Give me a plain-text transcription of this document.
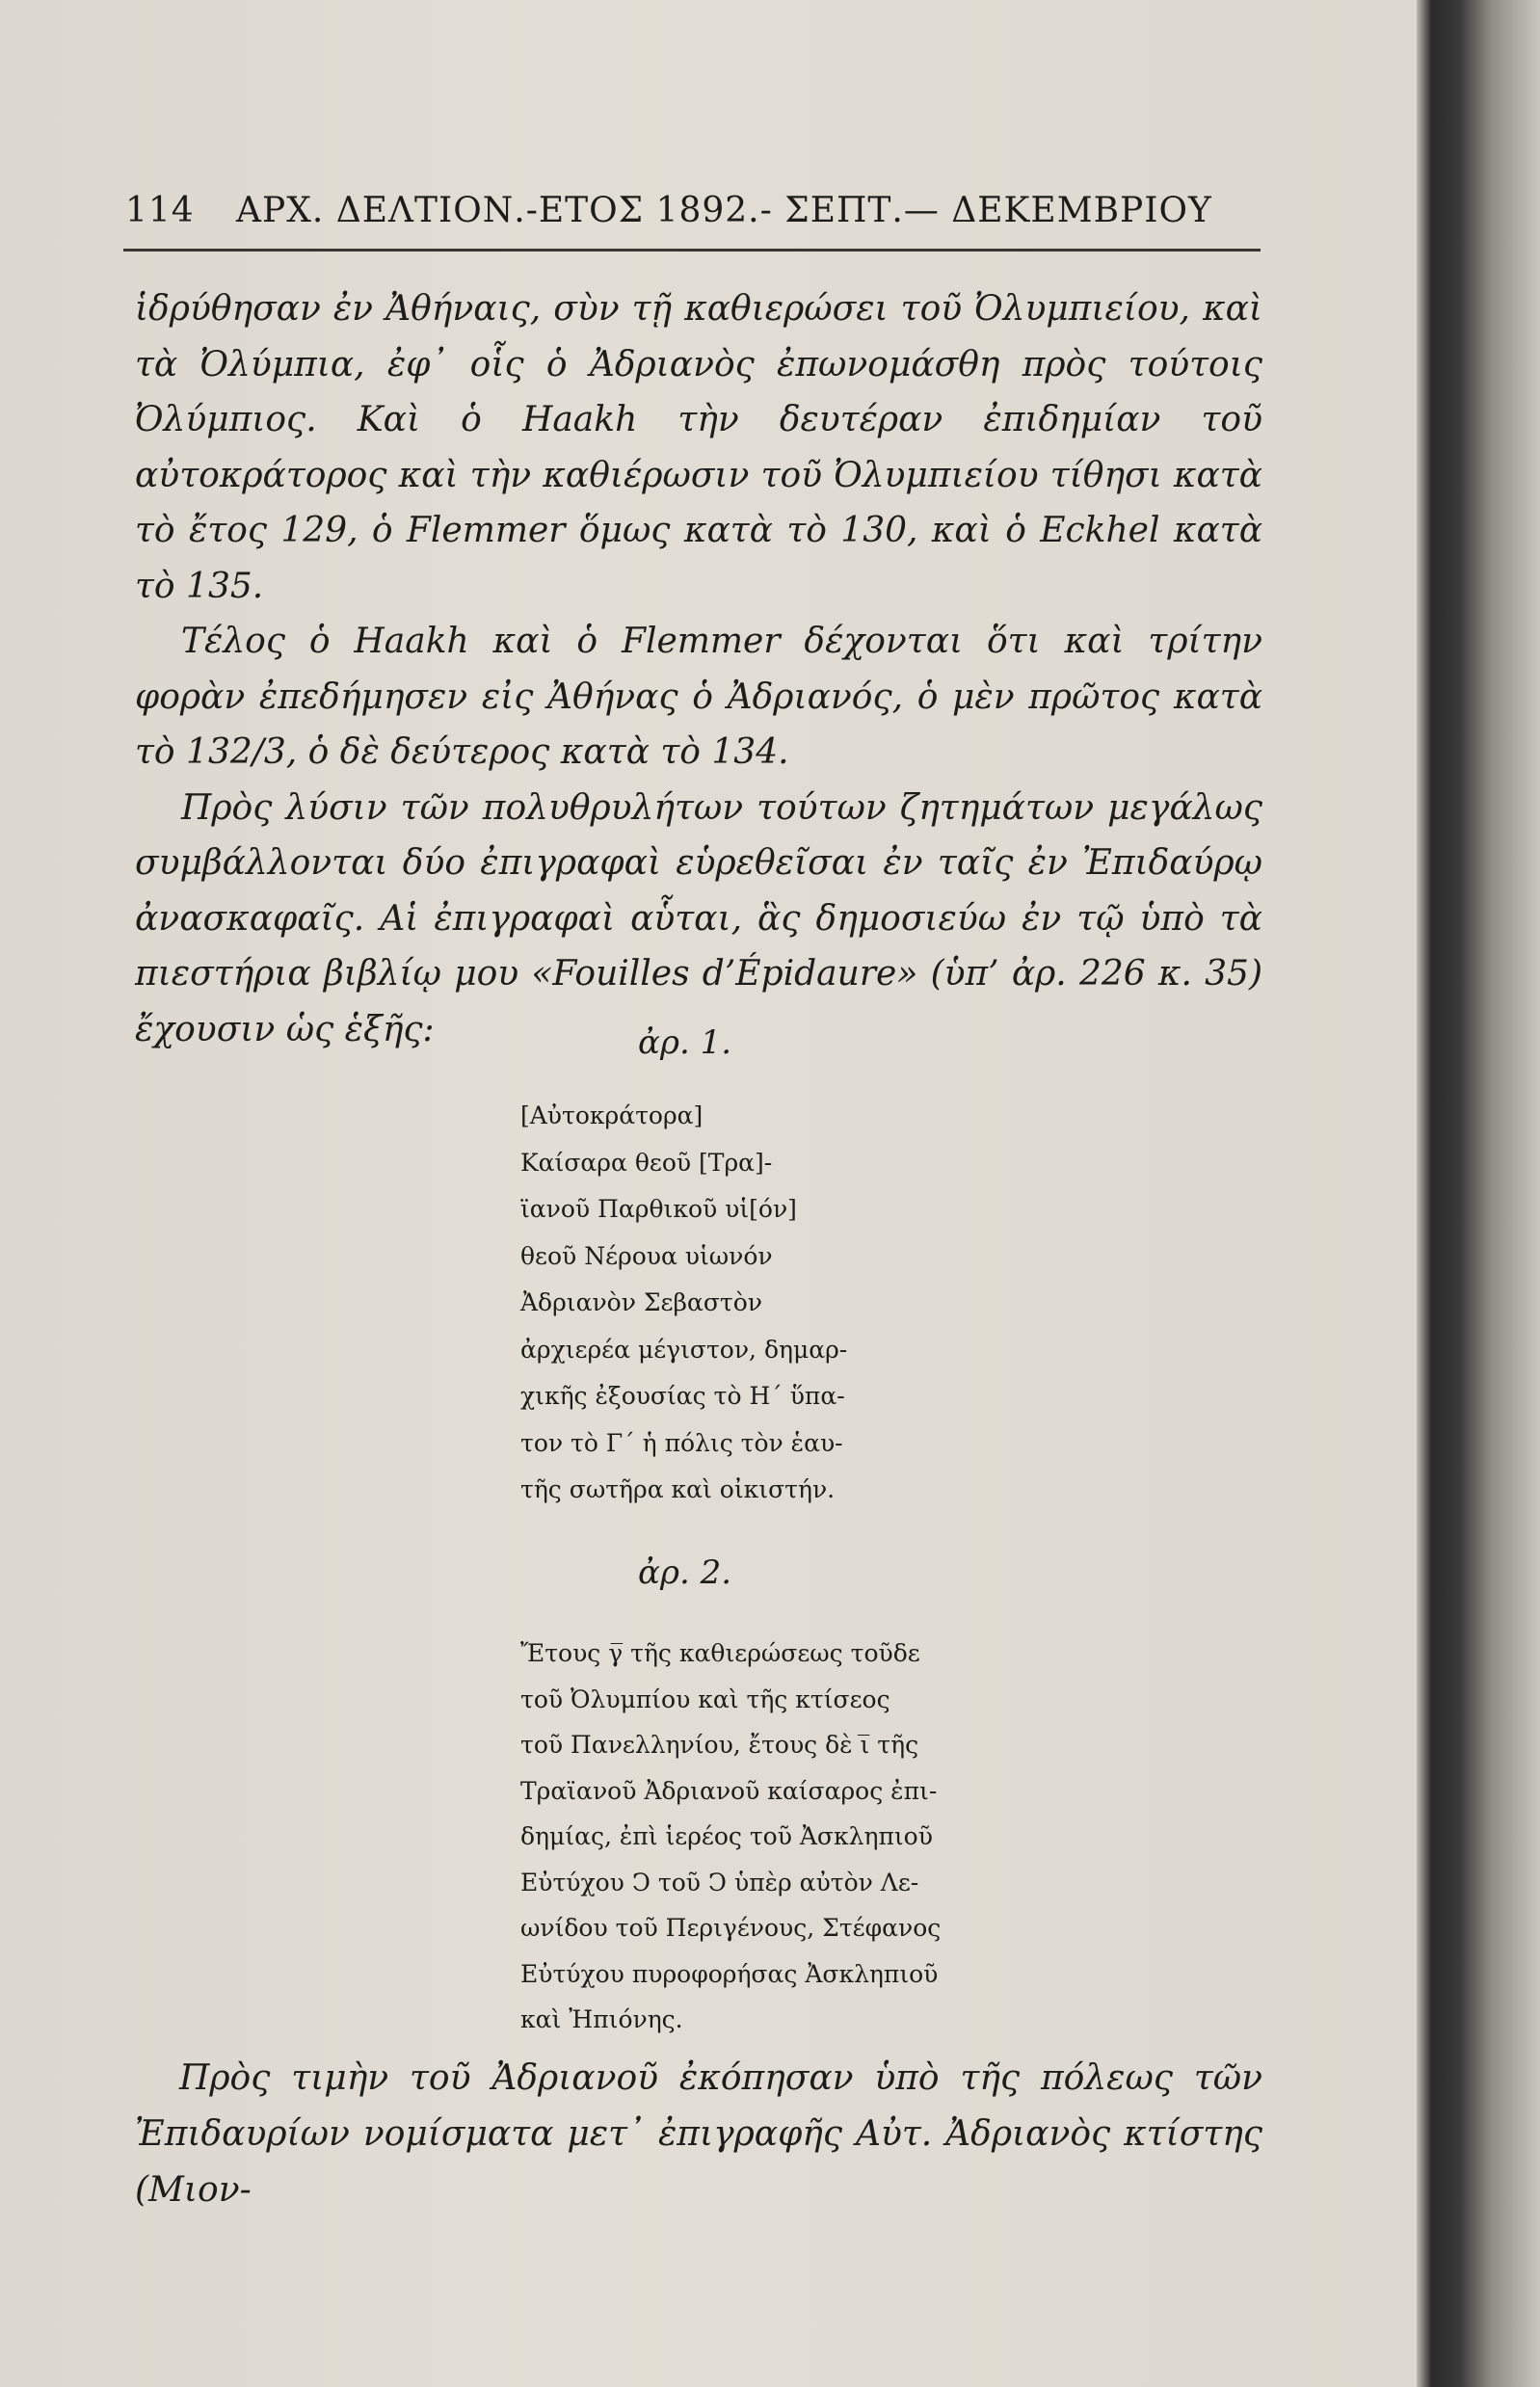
114 ΑΡΧ. ΔΕΛΤΙΟΝ.-ΕΤΟΣ 1892.- ΣΕΠΤ.— ΔΕΚΕΜΒΡΙΟΥ

ἱδρύθησαν ἐν Ἀθήναις, σὺν τῇ καθιερώσει τοῦ Ὀλυμπιείου, καὶ τὰ Ὀλύμπια, ἐφ᾽ οἷς ὁ Ἀδριανὸς ἐπωνομάσθη πρὸς τούτοις Ὀλύμπιος. Καὶ ὁ Haakh τὴν δευτέραν ἐπιδημίαν τοῦ αὐτοκράτορος καὶ τὴν καθιέρωσιν τοῦ Ὀλυμπιείου τίθησι κατὰ τὸ ἔτος 129, ὁ Flemmer ὅμως κατὰ τὸ 130, καὶ ὁ Eckhel κατὰ τὸ 135.

Τέλος ὁ Haakh καὶ ὁ Flemmer δέχονται ὅτι καὶ τρίτην φορὰν ἐπεδήμησεν εἰς Ἀθήνας ὁ Ἀδριανός, ὁ μὲν πρῶτος κατὰ τὸ 132/3, ὁ δὲ δεύτερος κατὰ τὸ 134.

Πρὸς λύσιν τῶν πολυθρυλήτων τούτων ζητημάτων μεγάλως συμβάλλονται δύο ἐπιγραφαὶ εὑρεθεῖσαι ἐν ταῖς ἐν Ἐπιδαύρῳ ἀνασκαφαῖς. Αἱ ἐπιγραφαὶ αὗται, ἃς δημοσιεύω ἐν τῷ ὑπὸ τὰ πιεστήρια βιβλίῳ μου «Fouilles d’Épidaure» (ὑπ’ ἀρ. 226 κ. 35) ἔχουσιν ὡς ἑξῆς:	ἀρ. 1.
[Αὐτοκράτορα]
Καίσαρα θεοῦ [Τρα]-
ϊανοῦ Παρθικοῦ υἱ[όν]
θεοῦ Νέρουα υἱωνόν
Ἀδριανὸν Σεβαστὸν
ἀρχιερέα μέγιστον, δημαρ-
χικῆς ἐξουσίας τὸ Η΄ ὕπα-
τον τὸ Γ΄ ἡ πόλις τὸν ἑαυ-
τῆς σωτῆρα καὶ οἰκιστήν.
ἀρ. 2.
Ἔτους γ̅ τῆς καθιερώσεως τοῦδε
τοῦ Ὀλυμπίου καὶ τῆς κτίσεος
τοῦ Πανελληνίου, ἔτους δὲ ι̅ τῆς
Τραϊανοῦ Ἀδριανοῦ καίσαρος ἐπι-
δημίας, ἐπὶ ἱερέος τοῦ Ἀσκληπιοῦ
Εὐτύχου Ͻ τοῦ Ͻ ὑπὲρ αὐτὸν Λε-
ωνίδου τοῦ Περιγένους, Στέφανος
Εὐτύχου πυροφορήσας Ἀσκληπιοῦ
καὶ Ἠπιόνης.

Πρὸς τιμὴν τοῦ Ἀδριανοῦ ἐκόπησαν ὑπὸ τῆς πόλεως τῶν Ἐπιδαυρίων νομίσματα μετ᾽ ἐπιγραφῆς Αὐτ. Ἀδριανὸς κτίστης (Μιον-
